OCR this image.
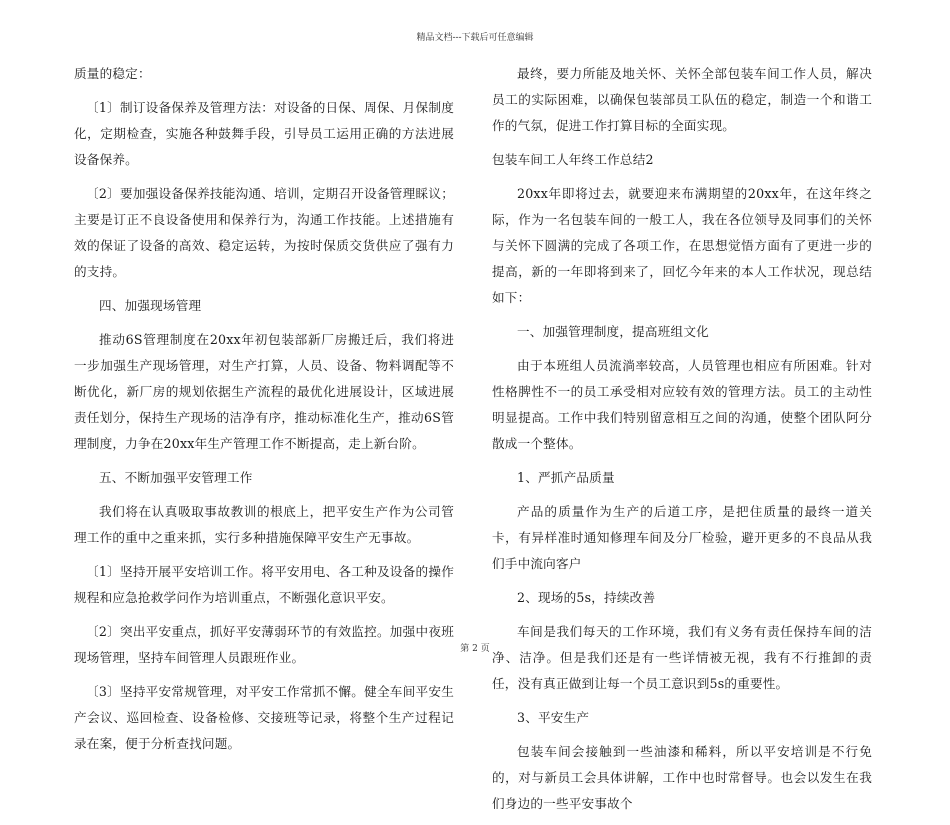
精品文档---下载后可任意编辑

质量的稳定：

〔1〕制订设备保养及管理方法：对设备的日保、周保、月保制度化，定期检查，实施各种鼓舞手段，引导员工运用正确的方法进展设备保养。

〔2〕要加强设备保养技能沟通、培训，定期召开设备管理睬议；主要是订正不良设备使用和保养行为，沟通工作技能。上述措施有效的保证了设备的高效、稳定运转，为按时保质交货供应了强有力的支持。

四、加强现场管理

推动6S管理制度在20xx年初包装部新厂房搬迁后，我们将进一步加强生产现场管理，对生产打算，人员、设备、物料调配等不断优化，新厂房的规划依据生产流程的最优化进展设计，区域进展责任划分，保持生产现场的洁净有序，推动标准化生产，推动6S管理制度，力争在20xx年生产管理工作不断提高，走上新台阶。

五、不断加强平安管理工作

我们将在认真吸取事故教训的根底上，把平安生产作为公司管理工作的重中之重来抓，实行多种措施保障平安生产无事故。

〔1〕坚持开展平安培训工作。将平安用电、各工种及设备的操作规程和应急抢救学问作为培训重点，不断强化意识平安。

〔2〕突出平安重点，抓好平安薄弱环节的有效监控。加强中夜班现场管理，坚持车间管理人员跟班作业。

〔3〕坚持平安常规管理，对平安工作常抓不懈。健全车间平安生产会议、巡回检查、设备检修、交接班等记录，将整个生产过程记录在案，便于分析查找问题。

最终，要力所能及地关怀、关怀全部包装车间工作人员，解决员工的实际困难，以确保包装部员工队伍的稳定，制造一个和谐工作的气氛，促进工作打算目标的全面实现。

包装车间工人年终工作总结2

20xx年即将过去，就要迎来布满期望的20xx年，在这年终之际，作为一名包装车间的一般工人，我在各位领导及同事们的关怀与关怀下圆满的完成了各项工作，在思想觉悟方面有了更进一步的提高，新的一年即将到来了，回忆今年来的本人工作状况，现总结如下：

一、加强管理制度，提高班组文化

由于本班组人员流淌率较高，人员管理也相应有所困难。针对性格脾性不一的员工承受相对应较有效的管理方法。员工的主动性明显提高。工作中我们特别留意相互之间的沟通，使整个团队阿分散成一个整体。

1、严抓产品质量

产品的质量作为生产的后道工序，是把住质量的最终一道关卡，有异样准时通知修理车间及分厂检验，避开更多的不良品从我们手中流向客户

2、现场的5s，持续改善

车间是我们每天的工作环境，我们有义务有责任保持车间的洁净、洁净。但是我们还是有一些详情被无视，我有不行推卸的责任，没有真正做到让每一个员工意识到5s的重要性。

3、平安生产

包装车间会接触到一些油漆和稀料，所以平安培训是不行免的，对与新员工会具体讲解，工作中也时常督导。也会以发生在我们身边的一些平安事故个

第 2 页
